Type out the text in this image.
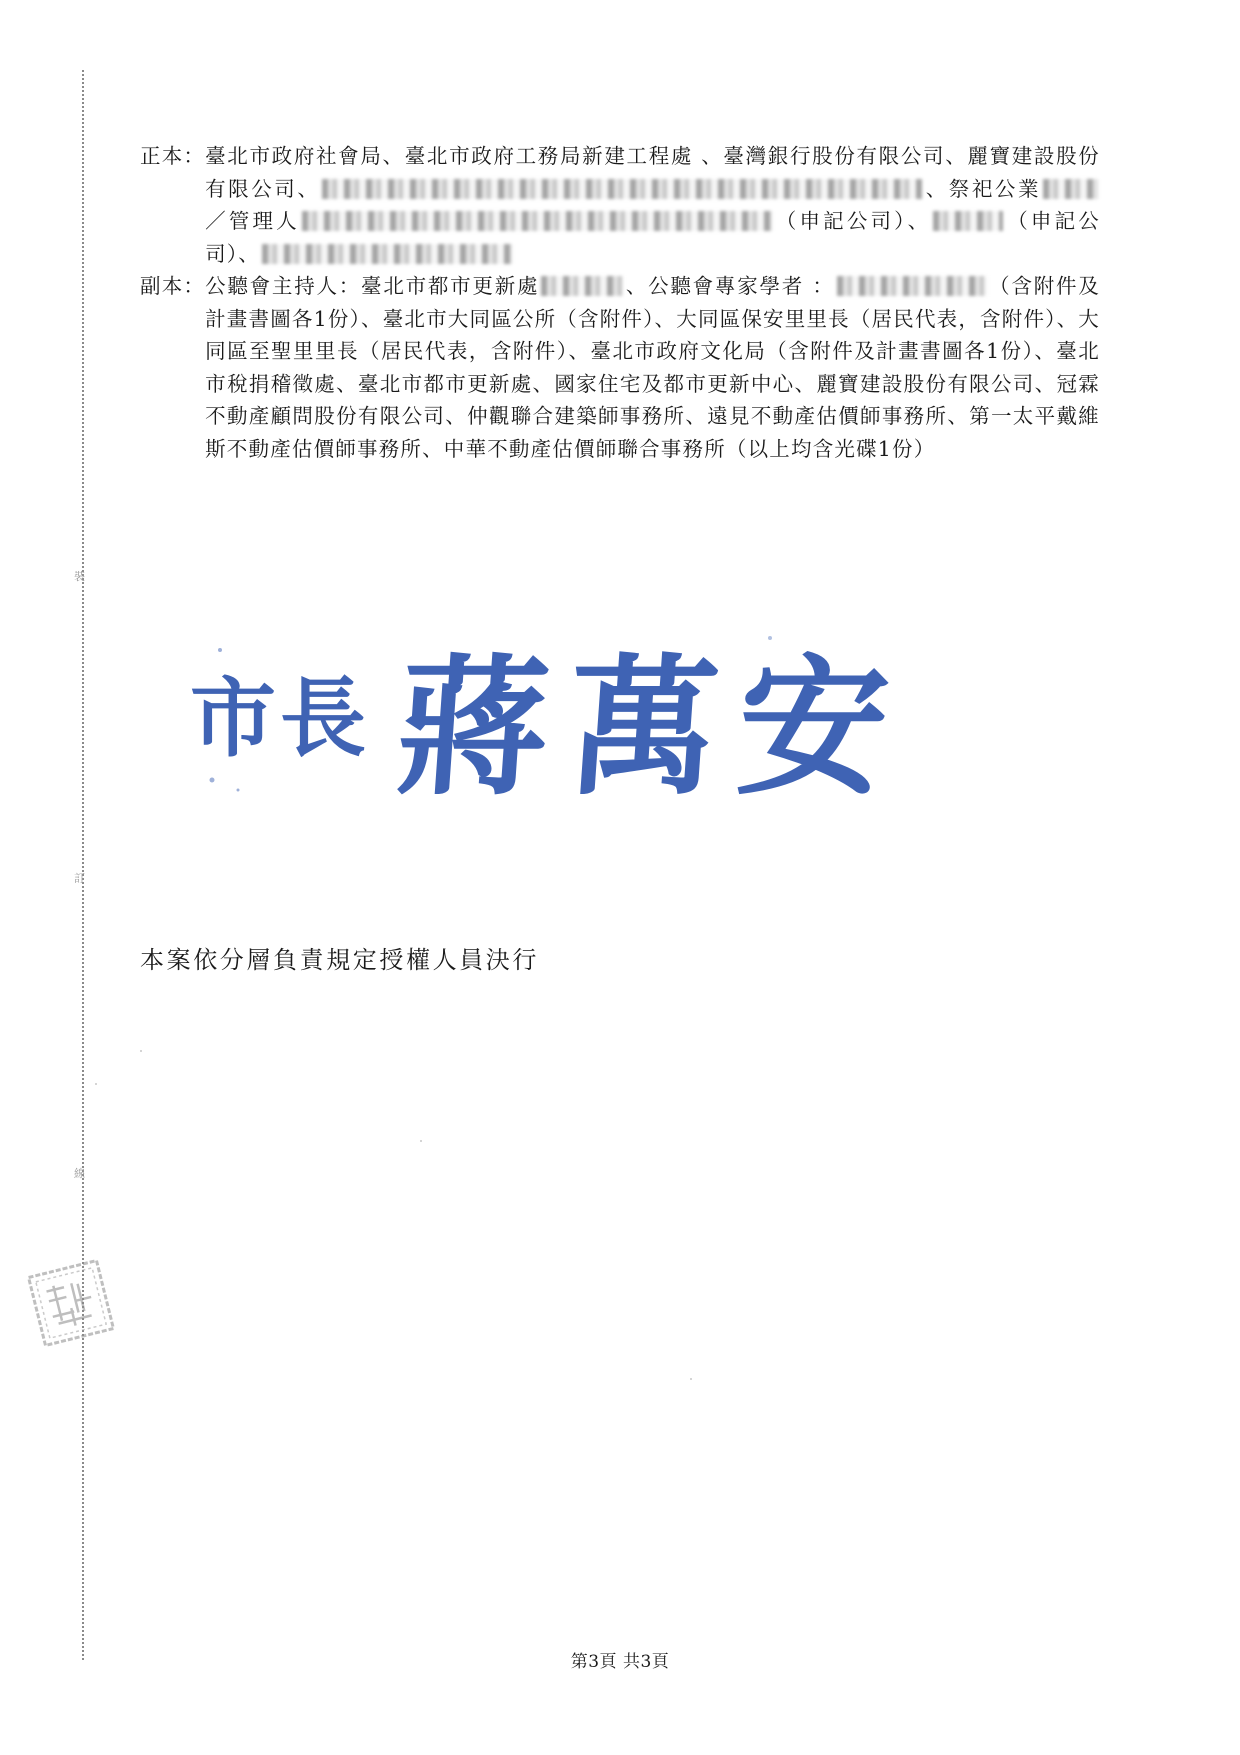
裝
訂
線
正本： 臺北市政府社會局、臺北市政府工務局新建工程處 、臺灣銀行股份有限公司、麗寶建設股份有限公司、	、祭祀公業／管理人	（申記公司）、	（申記公司）、
副本： 公聽會主持人：臺北市都市更新處	、公聽會專家學者 ：	（含附件及計畫書圖各1份）、臺北市大同區公所（含附件）、大同區保安里里長（居民代表，含附件）、大同區至聖里里長（居民代表，含附件）、臺北市政府文化局（含附件及計畫書圖各1份）、臺北市稅捐稽徵處、臺北市都市更新處、國家住宅及都市更新中心、麗寶建設股份有限公司、冠霖不動產顧問股份有限公司、仲觀聯合建築師事務所、遠見不動產估價師事務所、第一太平戴維斯不動產估價師事務所、中華不動產估價師聯合事務所（以上均含光碟1份）
市長 蔣萬安
本案依分層負責規定授權人員決行
第3頁 共3頁
